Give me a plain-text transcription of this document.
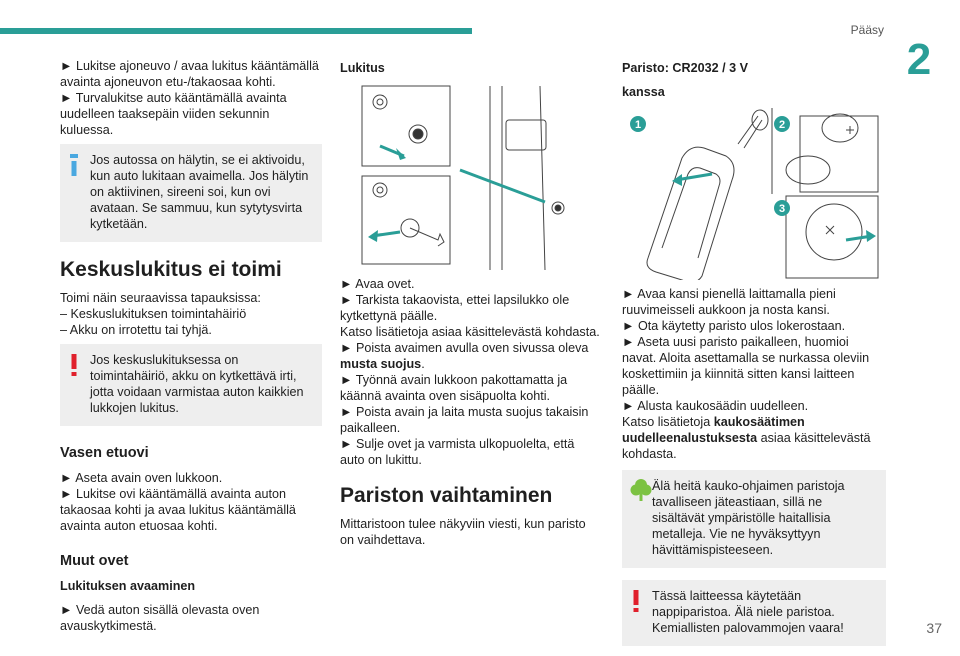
Pääsy
2

► Lukitse ajoneuvo / avaa lukitus kääntämällä avainta ajoneuvon etu-/takaosaa kohti.

► Turvalukitse auto kääntämällä avainta uudelleen taaksepäin viiden sekunnin kuluessa.

Jos autossa on hälytin, se ei aktivoidu, kun auto lukitaan avaimella. Jos hälytin on aktiivinen, sireeni soi, kun ovi avataan. Se sammuu, kun sytytysvirta kytketään.

Keskuslukitus ei toimi

Toimi näin seuraavissa tapauksissa:

– Keskuslukituksen toimintahäiriö

– Akku on irrotettu tai tyhjä.

Jos keskuslukituksessa on toimintahäiriö, akku on kytkettävä irti, jotta voidaan varmistaa auton kaikkien lukkojen lukitus.

Vasen etuovi

► Aseta avain oven lukkoon.

► Lukitse ovi kääntämällä avainta auton takaosaa kohti ja avaa lukitus kääntämällä avainta auton etuosaa kohti.

Muut ovet
Lukituksen avaaminen

► Vedä auton sisällä olevasta oven avauskytkimestä.

Lukitus

► Avaa ovet.

► Tarkista takaovista, ettei lapsilukko ole kytkettynä päälle.

Katso lisätietoja asiaa käsittelevästä kohdasta.

► Poista avaimen avulla oven sivussa oleva musta suojus.

► Työnnä avain lukkoon pakottamatta ja käännä avainta oven sisäpuolta kohti.

► Poista avain ja laita musta suojus takaisin paikalleen.

► Sulje ovet ja varmista ulkopuolelta, että auto on lukittu.

Pariston vaihtaminen

Mittaristoon tulee näkyviin viesti, kun paristo on vaihdettava.

Paristo: CR2032 / 3 V
kanssa
1	2
3

► Avaa kansi pienellä laittamalla pieni ruuvimeisseli aukkoon ja nosta kansi.

► Ota käytetty paristo ulos lokerostaan.

► Aseta uusi paristo paikalleen, huomioi navat. Aloita asettamalla se nurkassa oleviin koskettimiin ja kiinnitä sitten kansi laitteen päälle.

► Alusta kaukosäädin uudelleen.

Katso lisätietoja kaukosäätimen uudelleenalustuksesta asiaa käsittelevästä kohdasta.

Älä heitä kauko-ohjaimen paristoja tavalliseen jäteastiaan, sillä ne sisältävät ympäristölle haitallisia metalleja. Vie ne hyväksyttyyn hävittämispisteeseen.

Tässä laitteessa käytetään nappiparistoa. Älä niele paristoa. Kemiallisten palovammojen vaara!	37
